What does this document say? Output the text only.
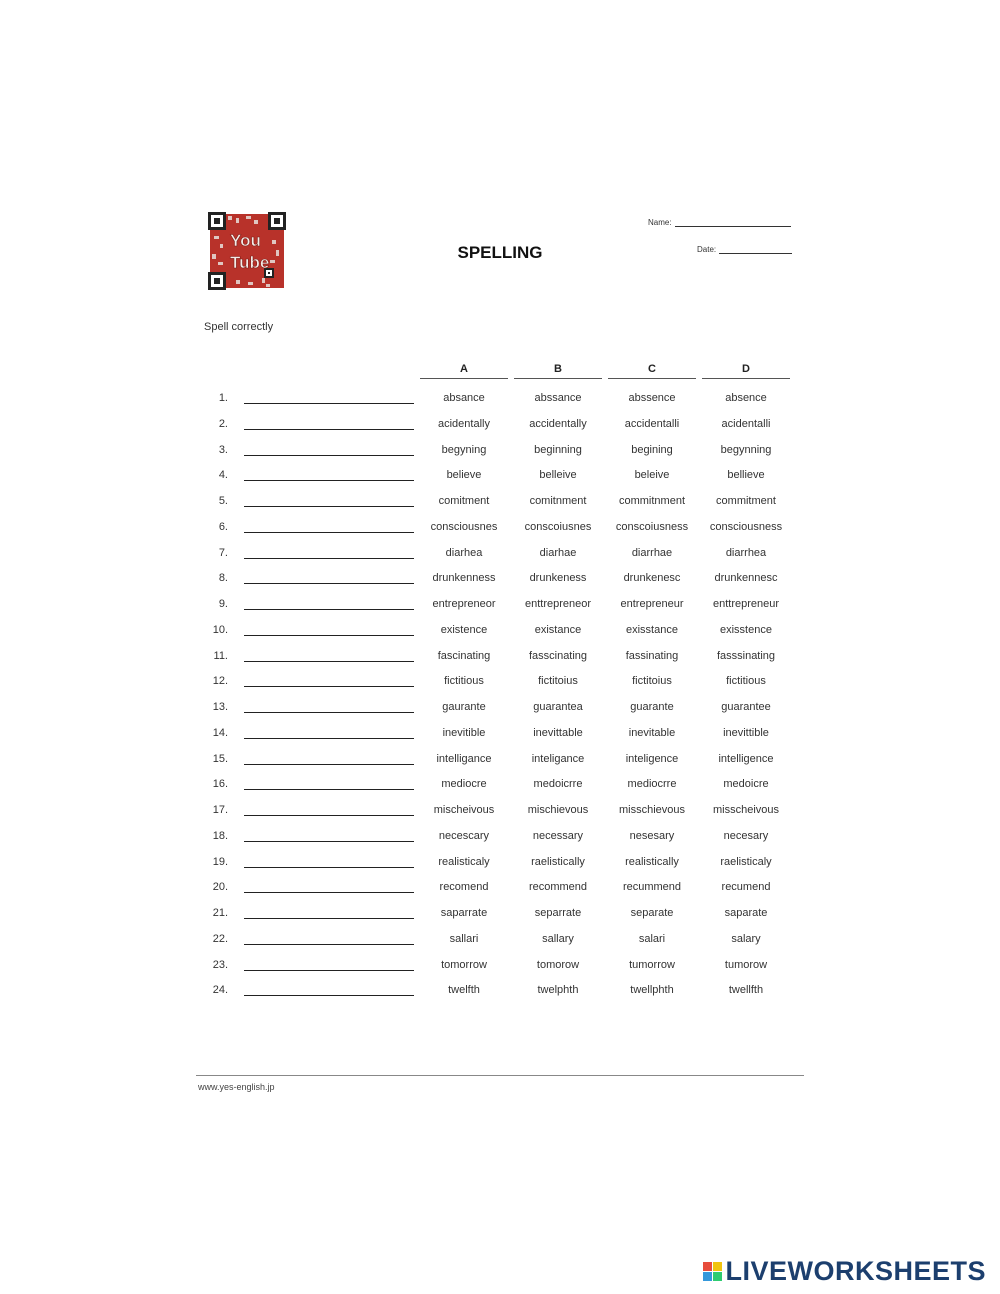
You
Tube
SPELLING
Name:
Date:
Spell correctly
A	B	C	D
1.	absance	abssance	abssence	absence
2.	acidentally	accidentally	accidentalli	acidentalli
3.	begyning	beginning	begining	begynning
4.	believe	belleive	beleive	bellieve
5.	comitment	comitnment	commitnment	commitment
6.	consciousnes	conscoiusnes	conscoiusness	consciousness
7.	diarhea	diarhae	diarrhae	diarrhea
8.	drunkenness	drunkeness	drunkenesc	drunkennesc
9.	entrepreneor	enttrepreneor	entrepreneur	enttrepreneur
10.	existence	existance	exisstance	exisstence
11.	fascinating	fasscinating	fassinating	fasssinating
12.	fictitious	fictitoius	fictitoius	fictitious
13.	gaurante	guarantea	guarante	guarantee
14.	inevitible	inevittable	inevitable	inevittible
15.	intelligance	inteligance	inteligence	intelligence
16.	mediocre	medoicrre	mediocrre	medoicre
17.	mischeivous	mischievous	misschievous	misscheivous
18.	necescary	necessary	nesesary	necesary
19.	realisticaly	raelistically	realistically	raelisticaly
20.	recomend	recommend	recummend	recumend
21.	saparrate	separrate	separate	saparate
22.	sallari	sallary	salari	salary
23.	tomorrow	tomorow	tumorrow	tumorow
24.	twelfth	twelphth	twellphth	twellfth
www.yes-english.jp
LIVEWORKSHEETS
